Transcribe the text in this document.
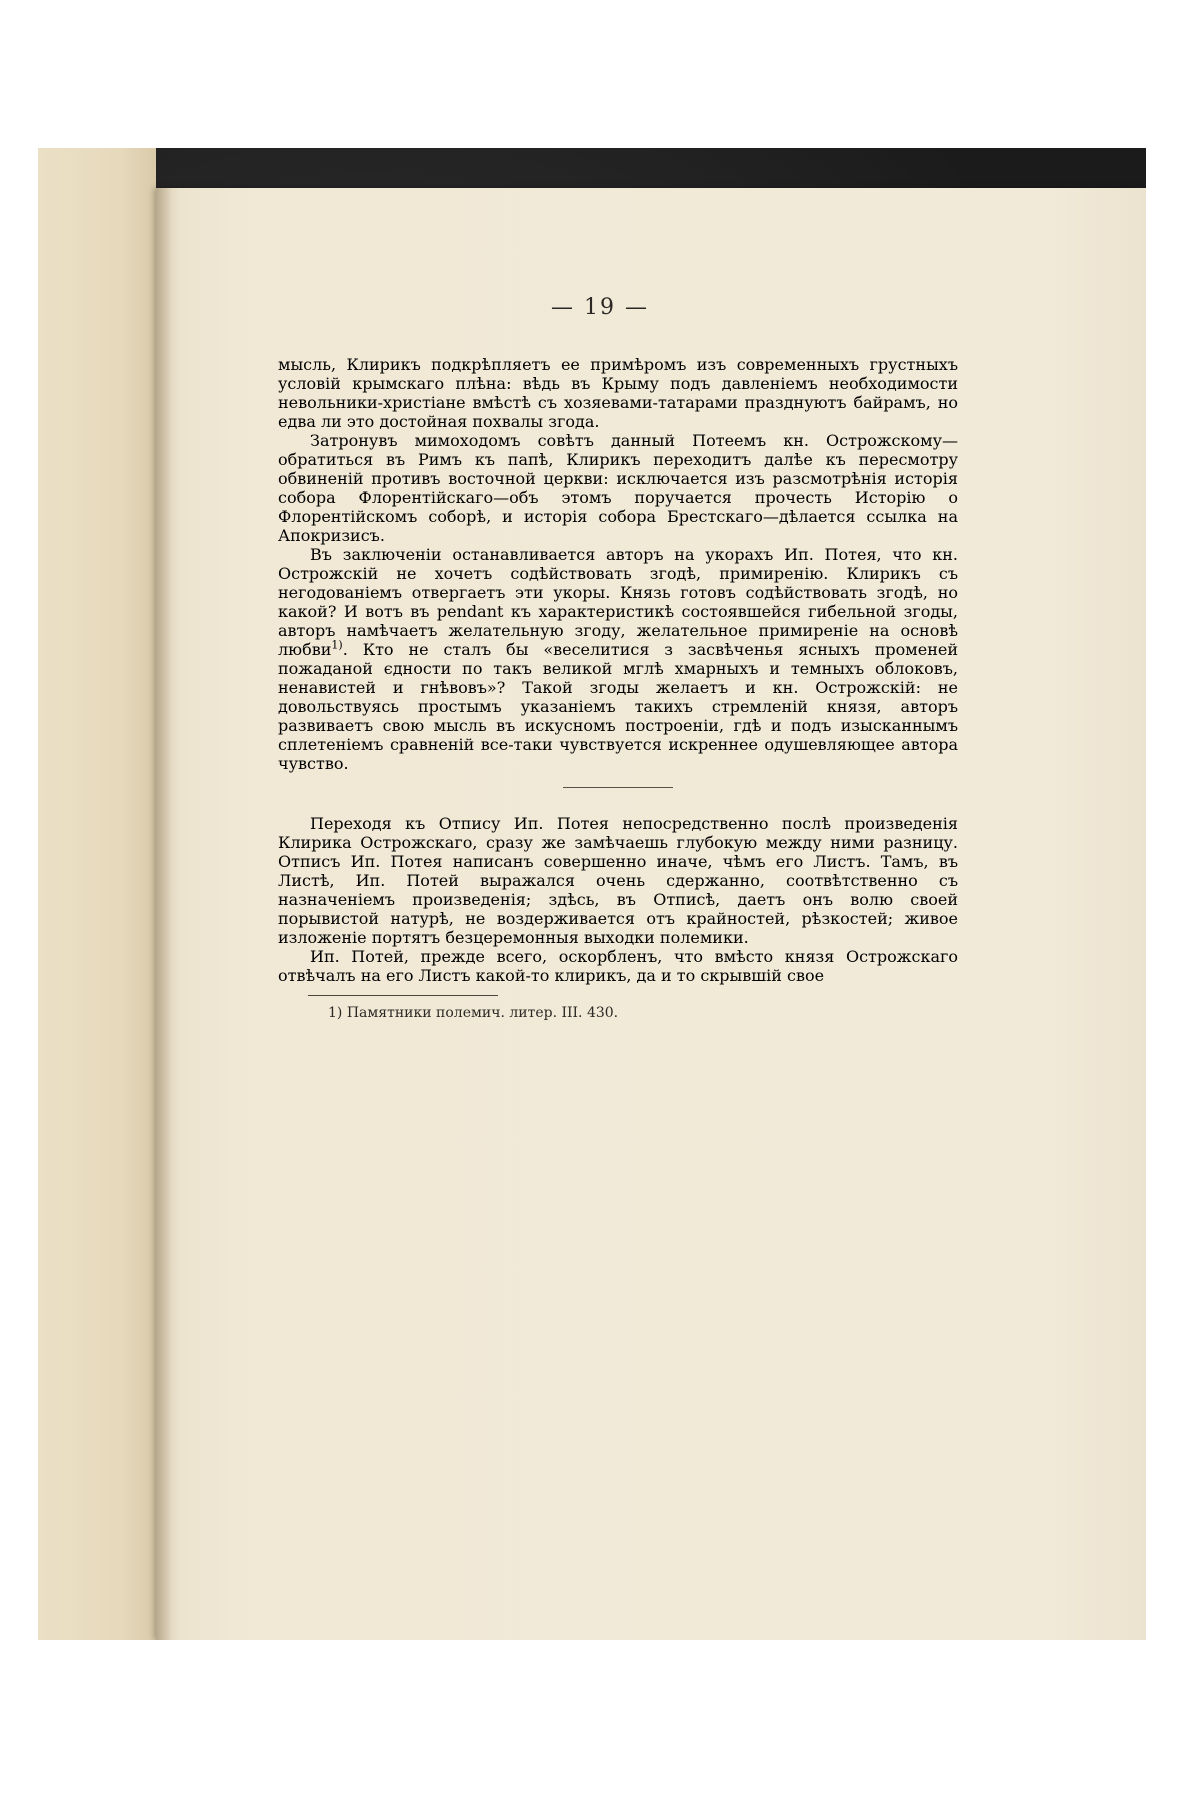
— 19 —

мысль, Клирикъ подкрѣпляетъ ее примѣромъ изъ современныхъ грустныхъ условій крымскаго плѣна: вѣдь въ Крыму подъ давленіемъ необходимости невольники-христіане вмѣстѣ съ хозяевами-татарами празднуютъ байрамъ, но едва ли это достойная похвалы згода.

Затронувъ мимоходомъ совѣтъ данный Потеемъ кн. Острожскому— обратиться въ Римъ къ папѣ, Клирикъ переходитъ далѣе къ пересмотру обвиненій противъ восточной церкви: исключается изъ разсмотрѣнія исторія собора Флорентійскаго—объ этомъ поручается прочесть Исторію о Флорентійскомъ соборѣ, и исторія собора Брестскаго—дѣлается ссылка на Апокризисъ.

Въ заключеніи останавливается авторъ на укорахъ Ип. Потея, что кн. Острожскій не хочетъ содѣйствовать згодѣ, примиренію. Клирикъ съ негодованіемъ отвергаетъ эти укоры. Князь готовъ содѣйствовать згодѣ, но какой? И вотъ въ pendant къ характеристикѣ состоявшейся гибельной згоды, авторъ намѣчаетъ желательную згоду, желательное примиреніе на основѣ любви$^{1)}$. Кто не сталъ бы «веселитися з засвѣченья ясныхъ променей пожаданой єдности по такъ великой мглѣ хмарныхъ и темныхъ облоковъ, ненавистей и гнѣвовъ»? Такой згоды желаетъ и кн. Острожскій: не довольствуясь простымъ указаніемъ такихъ стремленій князя, авторъ развиваетъ свою мысль въ искусномъ построеніи, гдѣ и подъ изысканнымъ сплетеніемъ сравненій все-таки чувствуется искреннее одушевляющее автора чувство.

Переходя къ Отпису Ип. Потея непосредственно послѣ произведенія Клирика Острожскаго, сразу же замѣчаешь глубокую между ними разницу. Отписъ Ип. Потея написанъ совершенно иначе, чѣмъ его Листъ. Тамъ, въ Листѣ, Ип. Потей выражался очень сдержанно, соотвѣтственно съ назначеніемъ произведенія; здѣсь, въ Отписѣ, даетъ онъ волю своей порывистой натурѣ, не воздерживается отъ крайностей, рѣзкостей; живое изложеніе портятъ безцеремонныя выходки полемики.

Ип. Потей, прежде всего, оскорбленъ, что вмѣсто князя Острожскаго отвѣчалъ на его Листъ какой-то клирикъ, да и то скрывшій свое

1) Памятники полемич. литер. III. 430.
